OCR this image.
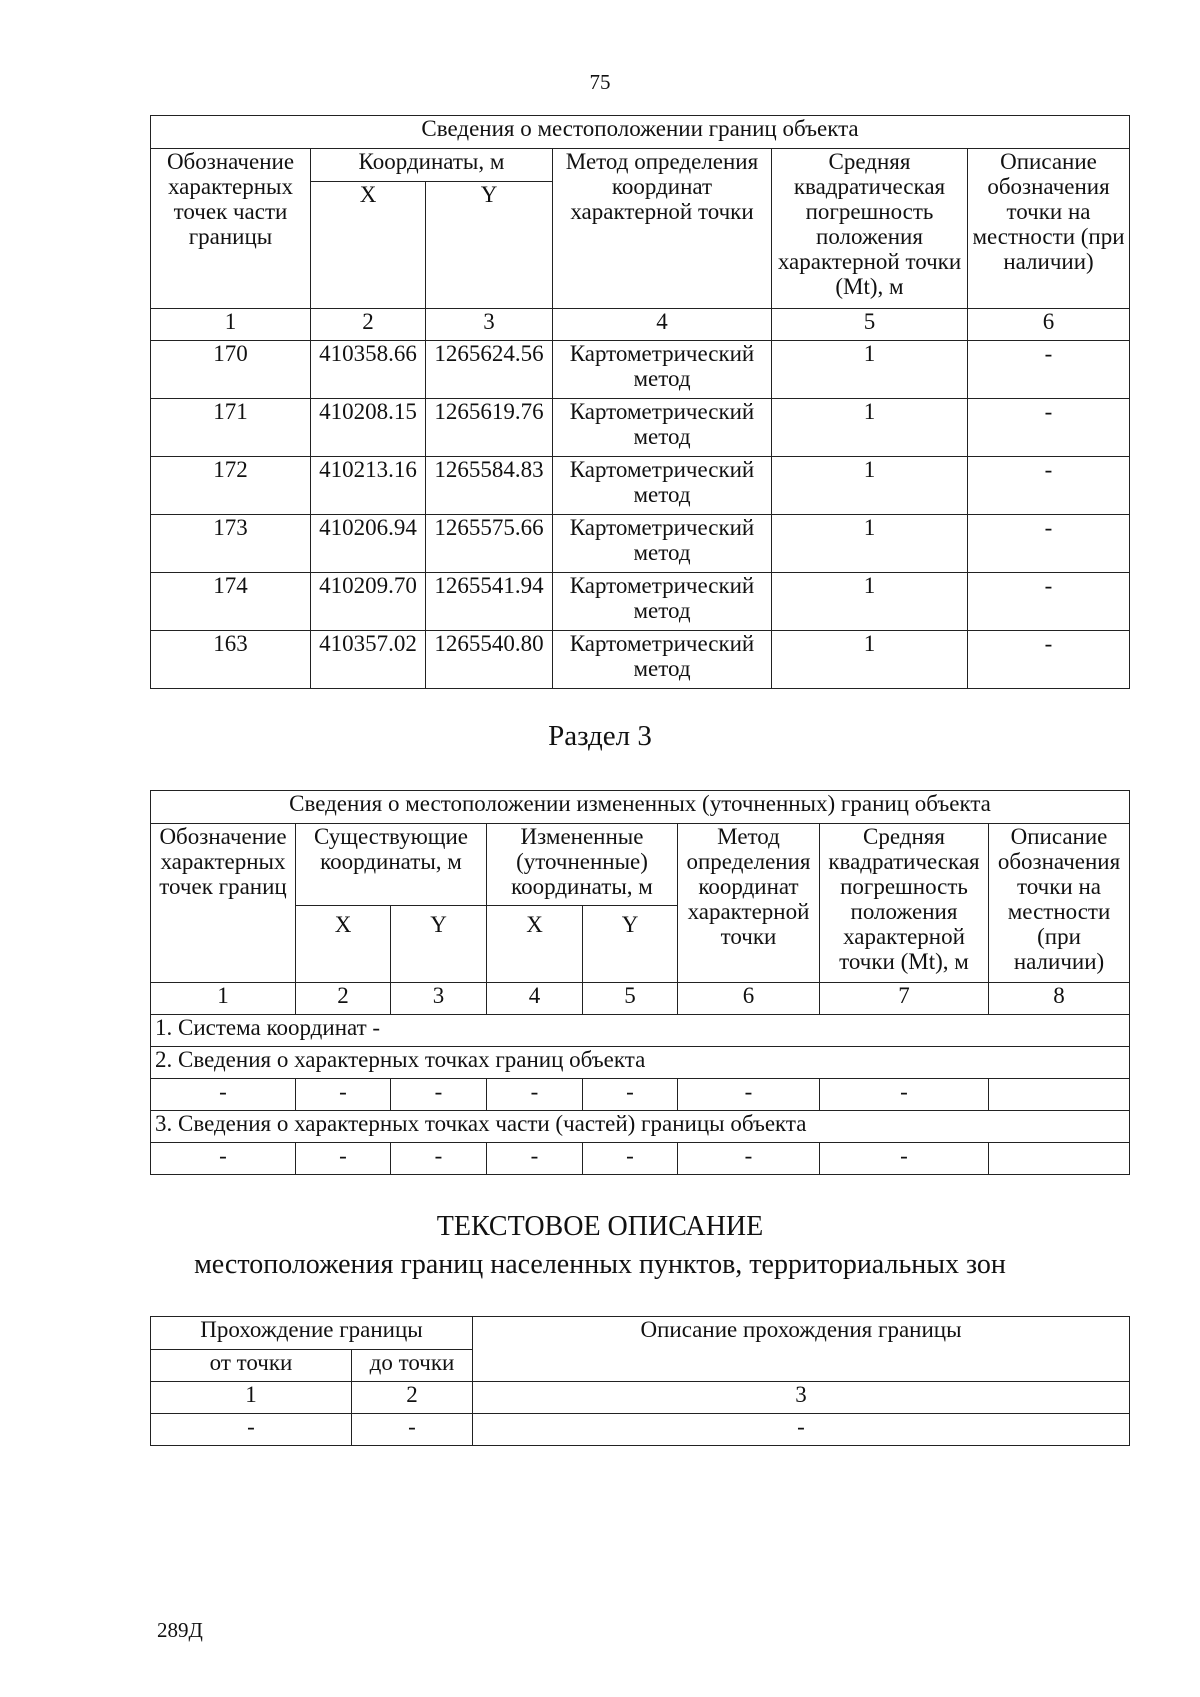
75
Сведения о местоположении границ объекта					
Обозначение характерных точек части границы	Координаты, м		Метод определения координат характерной точки	Средняя квадратическая погрешность положения характерной точки (Mt), м	Описание обозначения точки на местности (при наличии)
	X	Y			
1	2	3	4	5	6
170	410358.66	1265624.56	Картометрический метод	1	-
171	410208.15	1265619.76	Картометрический метод	1	-
172	410213.16	1265584.83	Картометрический метод	1	-
173	410206.94	1265575.66	Картометрический метод	1	-
174	410209.70	1265541.94	Картометрический метод	1	-
163	410357.02	1265540.80	Картометрический метод	1	-
Раздел 3
Сведения о местоположении измененных (уточненных) границ объекта							
Обозначение характерных точек границ	Существующие координаты, м		Измененные (уточненные) координаты, м		Метод определения координат характерной точки	Средняя квадратическая погрешность положения характерной точки (Mt), м	Описание обозначения точки на местности (при наличии)
	X	Y	X	Y			
1	2	3	4	5	6	7	8
1. Система координат -							
2. Сведения о характерных точках границ объекта							
-	-	-	-	-	-	-	
3. Сведения о характерных точках части (частей) границы объекта							
-	-	-	-	-	-	-	
ТЕКСТОВОЕ ОПИСАНИЕ
местоположения границ населенных пунктов, территориальных зон
Прохождение границы		Описание прохождения границы
от точки	до точки	
1	2	3
-	-	-
289Д
